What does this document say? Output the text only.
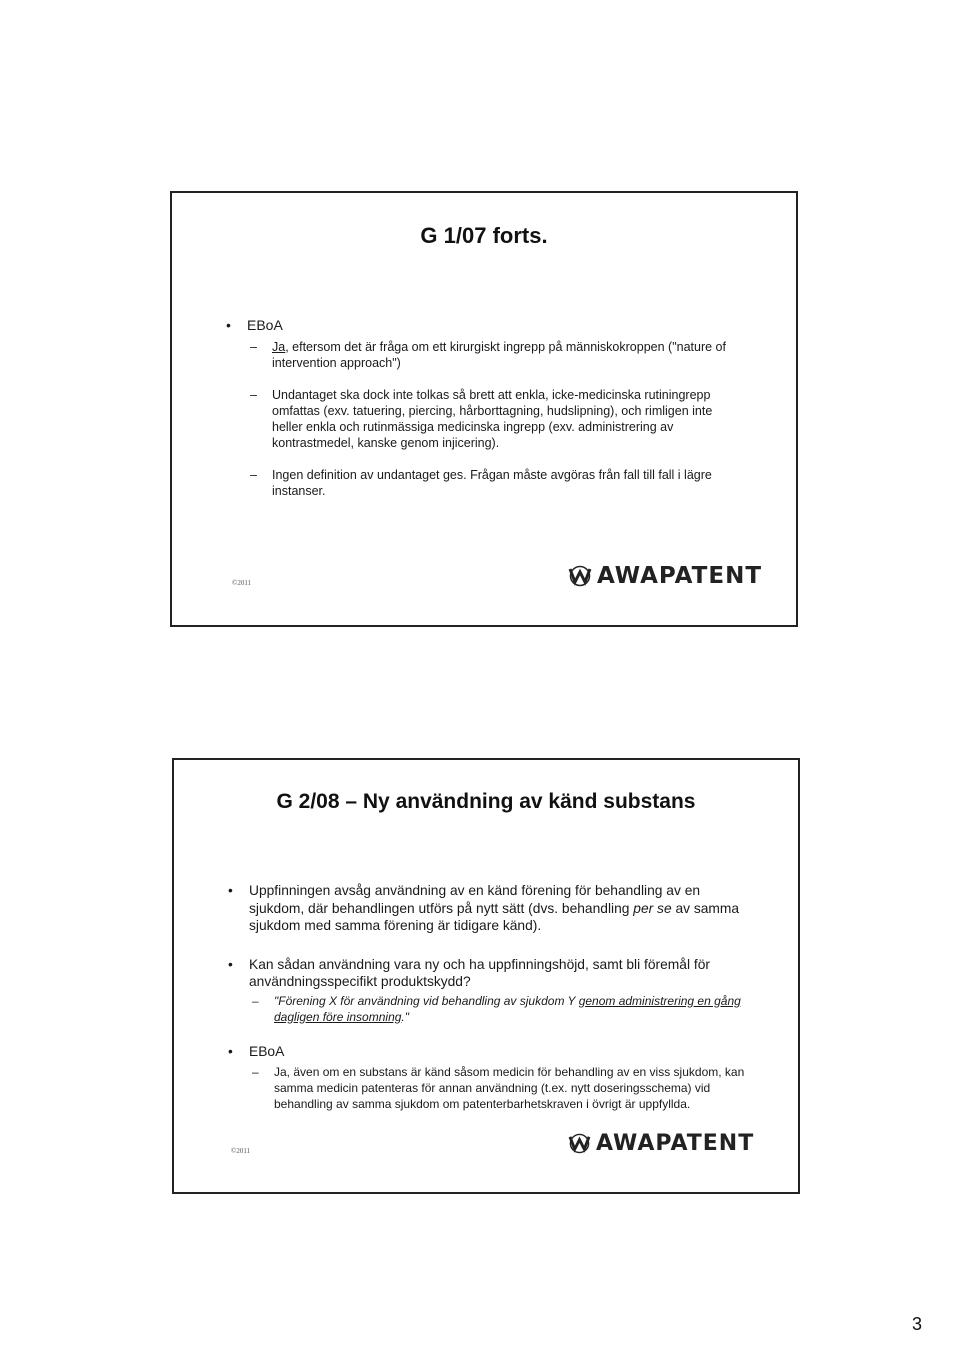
G 1/07 forts.
• EBoA
– Ja, eftersom det är fråga om ett kirurgiskt ingrepp på människokroppen ("nature of intervention approach")
– Undantaget ska dock inte tolkas så brett att enkla, icke-medicinska rutiningrepp omfattas (exv. tatuering, piercing, hårborttagning, hudslipning), och rimligen inte heller enkla och rutinmässiga medicinska ingrepp (exv. administrering av kontrastmedel, kanske genom injicering).
– Ingen definition av undantaget ges. Frågan måste avgöras från fall till fall i lägre instanser.
©2011	AWAPATENT
G 2/08 – Ny användning av känd substans
• Uppfinningen avsåg användning av en känd förening för behandling av en sjukdom, där behandlingen utförs på nytt sätt (dvs. behandling per se av samma sjukdom med samma förening är tidigare känd).
• Kan sådan användning vara ny och ha uppfinningshöjd, samt bli föremål för användningsspecifikt produktskydd?
– "Förening X för användning vid behandling av sjukdom Y genom administrering en gång dagligen före insomning."
• EBoA
– Ja, även om en substans är känd såsom medicin för behandling av en viss sjukdom, kan samma medicin patenteras för annan användning (t.ex. nytt doseringsschema) vid behandling av samma sjukdom om patenterbarhetskraven i övrigt är uppfyllda.
©2011	AWAPATENT
3
